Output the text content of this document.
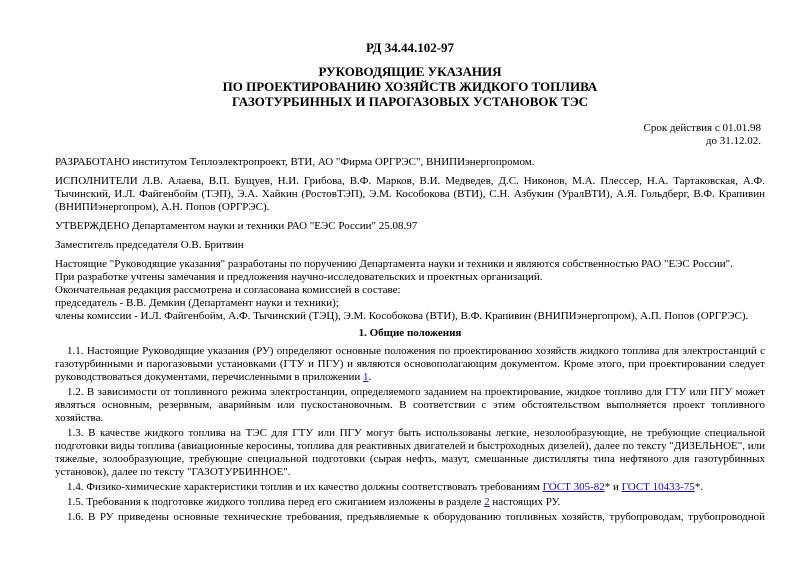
РД 34.44.102-97
РУКОВОДЯЩИЕ УКАЗАНИЯ
ПО ПРОЕКТИРОВАНИЮ ХОЗЯЙСТВ ЖИДКОГО ТОПЛИВА
ГАЗОТУРБИННЫХ И ПАРОГАЗОВЫХ УСТАНОВОК ТЭС
Срок действия с 01.01.98
до 31.12.02.

РАЗРАБОТАНО институтом Теплоэлектропроект, ВТИ, АО "Фирма ОРГРЭС", ВНИПИэнергопромом.

ИСПОЛНИТЕЛИ Л.В. Алаева, В.П. Бущуев, Н.И. Грибова, В.Ф. Марков, В.И. Медведев, Д.С. Никонов, М.А. Плессер, Н.А. Тартаковская, А.Ф. Тычинский, И.Л. Файгенбойм (ТЭП), Э.А. Хайкин (РостовТЭП), Э.М. Кособокова (ВТИ), С.Н. Азбукин (УралВТИ), А.Я. Гольдберг, В.Ф. Крапивин (ВНИПИэнергопром), А.Н. Попов (ОРГРЭС).

УТВЕРЖДЕНО Департаментом науки и техники РАО "ЕЭС России" 25.08.97

Заместитель председателя О.В. Бритвин

Настоящие "Руководящие указания" разработаны по поручению Департамента науки и техники и являются собственностью РАО "ЕЭС России".

При разработке учтены замечания и предложения научно-исследовательских и проектных организаций.

Окончательная редакция рассмотрена и согласована комиссией в составе:

председатель - В.В. Демкин (Департамент науки и техники);

члены комиссии - И.Л. Файгенбойм, А.Ф. Тычинский (ТЭЦ), Э.М. Кособокова (ВТИ), В.Ф. Крапивин (ВНИПИэнергопром), А.П. Попов (ОРГРЭС).

1. Общие положения

1.1. Настоящие Руководящие указания (РУ) определяют основные положения по проектированию хозяйств жидкого топлива для электростанций с газотурбинными и парогазовыми установками (ГТУ и ПГУ) и являются основополагающим документом. Кроме этого, при проектировании следует руководствоваться документами, перечисленными в приложении 1.

1.2. В зависимости от топливного режима электростанции, определяемого заданием на проектирование, жидкое топливо для ГТУ или ПГУ может являться основным, резервным, аварийным или пускостановочным. В соответствии с этим обстоятельством выполняется проект топливного хозяйства.

1.3. В качестве жидкого топлива на ТЭС для ГТУ или ПГУ могут быть использованы легкие, незолообразующие, не требующие специальной подготовки виды топлива (авиационные керосины, топлива для реактивных двигателей и быстроходных дизелей), далее по тексту "ДИЗЕЛЬНОЕ", или тяжелые, золообразующие, требующие специальной подготовки (сырая нефть, мазут, смешанные дистилляты типа нефтяного для газотурбинных установок), далее по тексту "ГАЗОТУРБИННОЕ".

1.4. Физико-химические характеристики топлив и их качество должны соответствовать требованиям ГОСТ 305-82* и ГОСТ 10433-75*.

1.5. Требования к подготовке жидкого топлива перед его сжиганием изложены в разделе 2 настоящих РУ.

1.6. В РУ приведены основные технические требования, предъявляемые к оборудованию топливных хозяйств, трубопроводам, трубопроводной
